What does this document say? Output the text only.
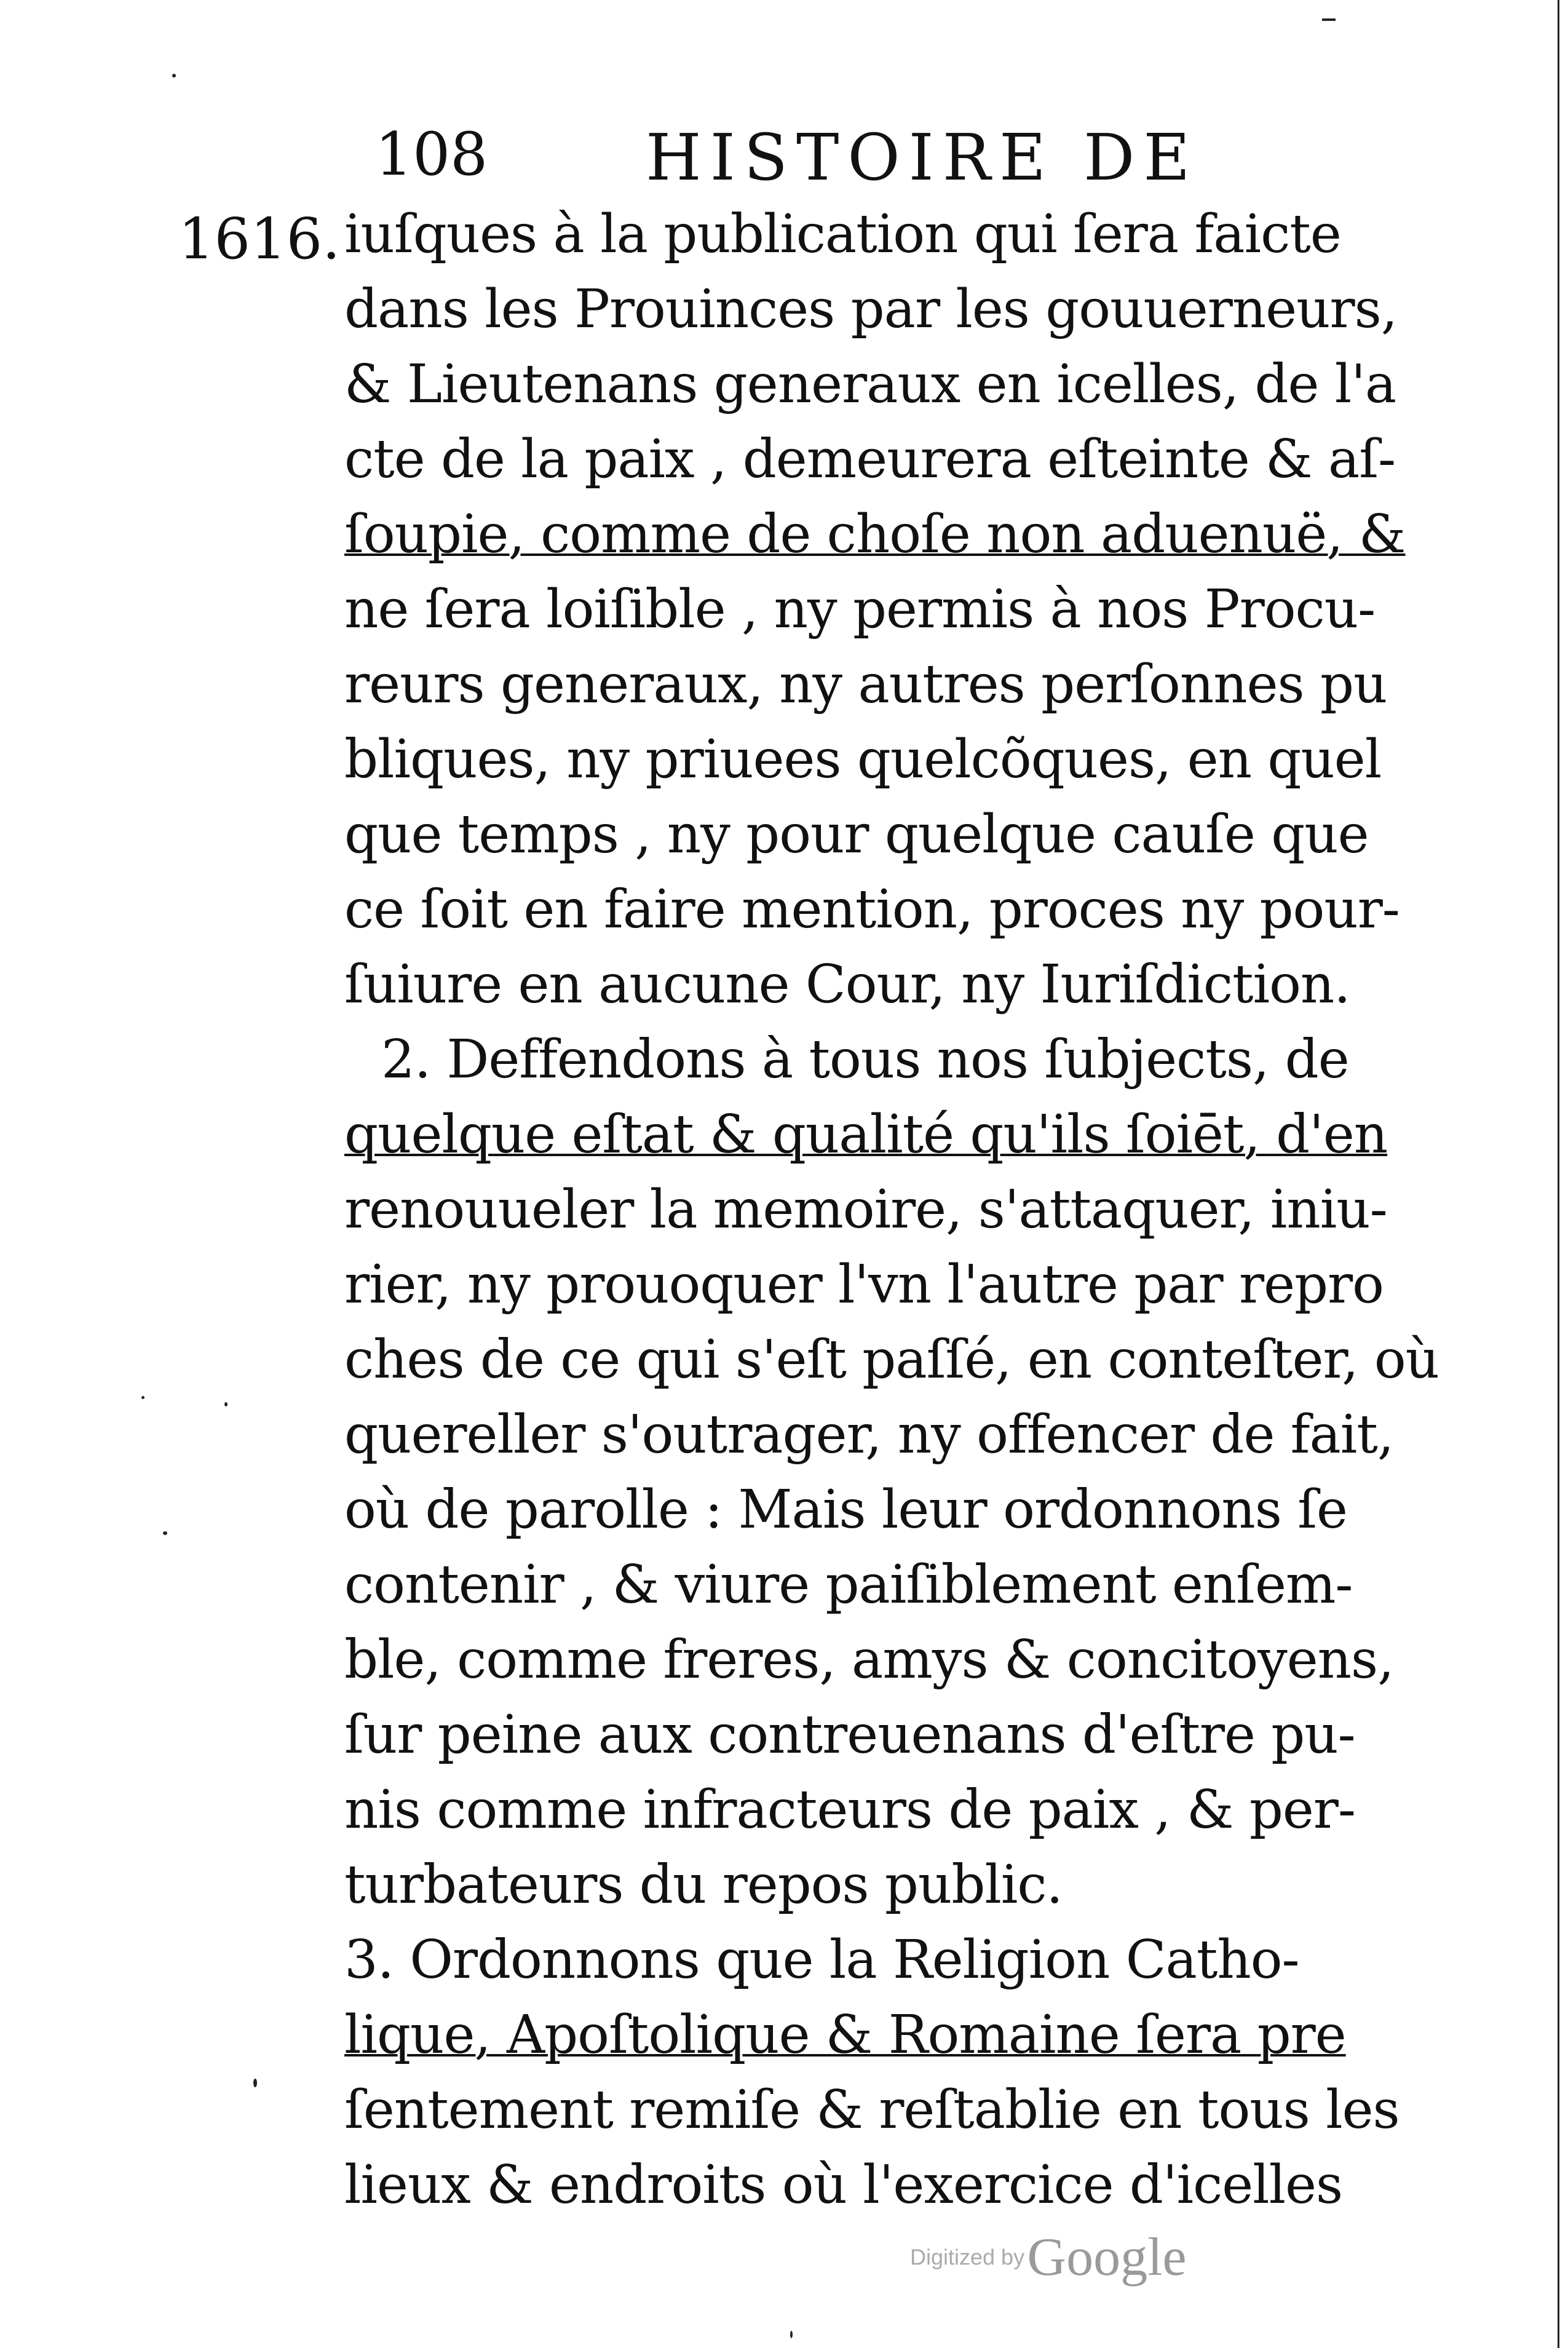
108 HISTOIRE DE
1616. iuſques à la publication qui ſera faicte
dans les Prouinces par les gouuerneurs,
& Lieutenans generaux en icelles, de l'a
cte de la paix , demeurera eſteinte & aſ-
ſoupie, comme de choſe non aduenuë, &
ne ſera loiſible , ny permis à nos Procu-
reurs generaux, ny autres perſonnes pu
bliques, ny priuees quelcõques, en quel
que temps , ny pour quelque cauſe que
ce ſoit en faire mention, proces ny pour-
ſuiure en aucune Cour, ny Iuriſdiction.
2. Deffendons à tous nos ſubjects, de
quelque eſtat & qualité qu'ils ſoiēt, d'en
renouueler la memoire, s'attaquer, iniu-
rier, ny prouoquer l'vn l'autre par repro
ches de ce qui s'eſt paſſé, en conteſter, où
quereller s'outrager, ny offencer de fait,
où de parolle : Mais leur ordonnons ſe
contenir , & viure paiſiblement enſem-
ble, comme freres, amys & concitoyens,
ſur peine aux contreuenans d'eſtre pu-
nis comme infracteurs de paix , & per-
turbateurs du repos public.
3. Ordonnons que la Religion Catho-
lique, Apoſtolique & Romaine ſera pre
ſentement remiſe & reſtablie en tous les
lieux & endroits où l'exercice d'icelles
Digitized by Google
